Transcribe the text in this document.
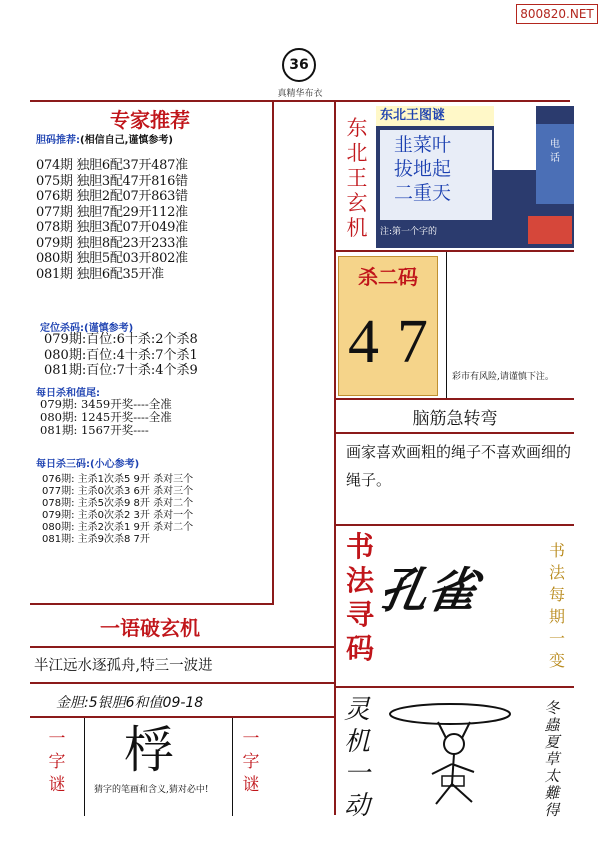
800820.NET
36
真精华布衣
专家推荐
胆码推荐:(相信自己,谨慎参考)
074期 独胆6配37开487准
075期 独胆3配47开816错
076期 独胆2配07开863错
077期 独胆7配29开112准
078期 独胆3配07开049准
079期 独胆8配23开233准
080期 独胆5配03开802准
081期 独胆6配35开准
定位杀码:(谨慎参考)
079期:百位:6十杀:2个杀8
080期:百位:4十杀:7个杀1
081期:百位:7十杀:4个杀9
每日杀和值尾:
079期: 3459开奖----全准
080期: 1245开奖----全准
081期: 1567开奖----
每日杀三码:(小心参考)
076期: 主杀1次杀5 9开 杀对三个
077期: 主杀0次杀3 6开 杀对三个
078期: 主杀5次杀9 8开 杀对二个
079期: 主杀0次杀2 3开 杀对一个
080期: 主杀2次杀1 9开 杀对二个
081期: 主杀9次杀8 7开
一语破玄机
半江远水逐孤舟,特三一波进
金胆:5银胆6和值09-18
一字谜
桴
猜字的笔画和含义,猜对必中!
一字谜
东北王玄机
东北王图谜
韭菜叶
拔地起
二重天
电话
注:第一个字的
杀二码
4 7
彩市有风险,请谨慎下注。
脑筋急转弯
画家喜欢画粗的绳子不喜欢画细的绳子。
书法寻码
孔雀
书法每期一变
灵机一动
冬蟲夏草太難得
